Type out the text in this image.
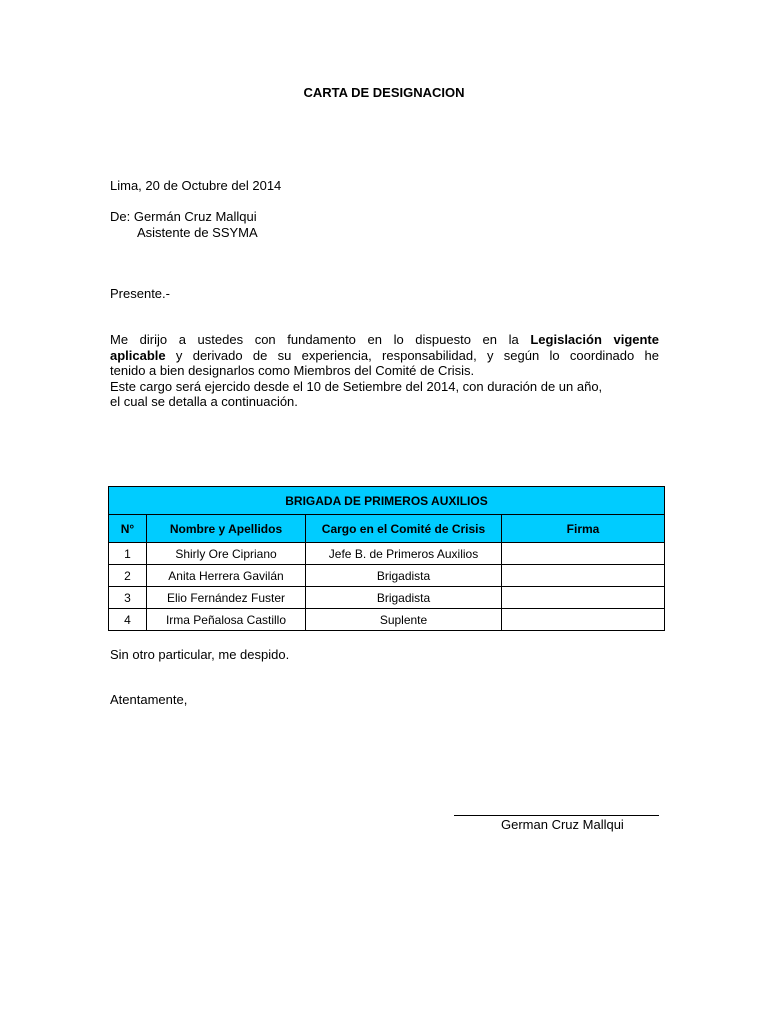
CARTA DE DESIGNACION
Lima, 20 de Octubre del 2014
De: Germán Cruz Mallqui
Asistente de SSYMA
Presente.-
Me dirijo a ustedes con fundamento en lo dispuesto en la Legislación vigente
aplicable y derivado de su experiencia, responsabilidad, y según lo coordinado he
tenido a bien designarlos como Miembros del Comité de Crisis.
Este cargo será ejercido desde el 10 de Setiembre del 2014, con duración de un año,
el cual se detalla a continuación.
BRIGADA DE PRIMEROS AUXILIOS			
N°	Nombre y Apellidos	Cargo en el Comité de Crisis	Firma
1	Shirly Ore Cipriano	Jefe B. de Primeros Auxilios	
2	Anita Herrera Gavilán	Brigadista	
3	Elio Fernández Fuster	Brigadista	
4	Irma Peñalosa Castillo	Suplente	
Sin otro particular, me despido.
Atentamente,
German Cruz Mallqui
